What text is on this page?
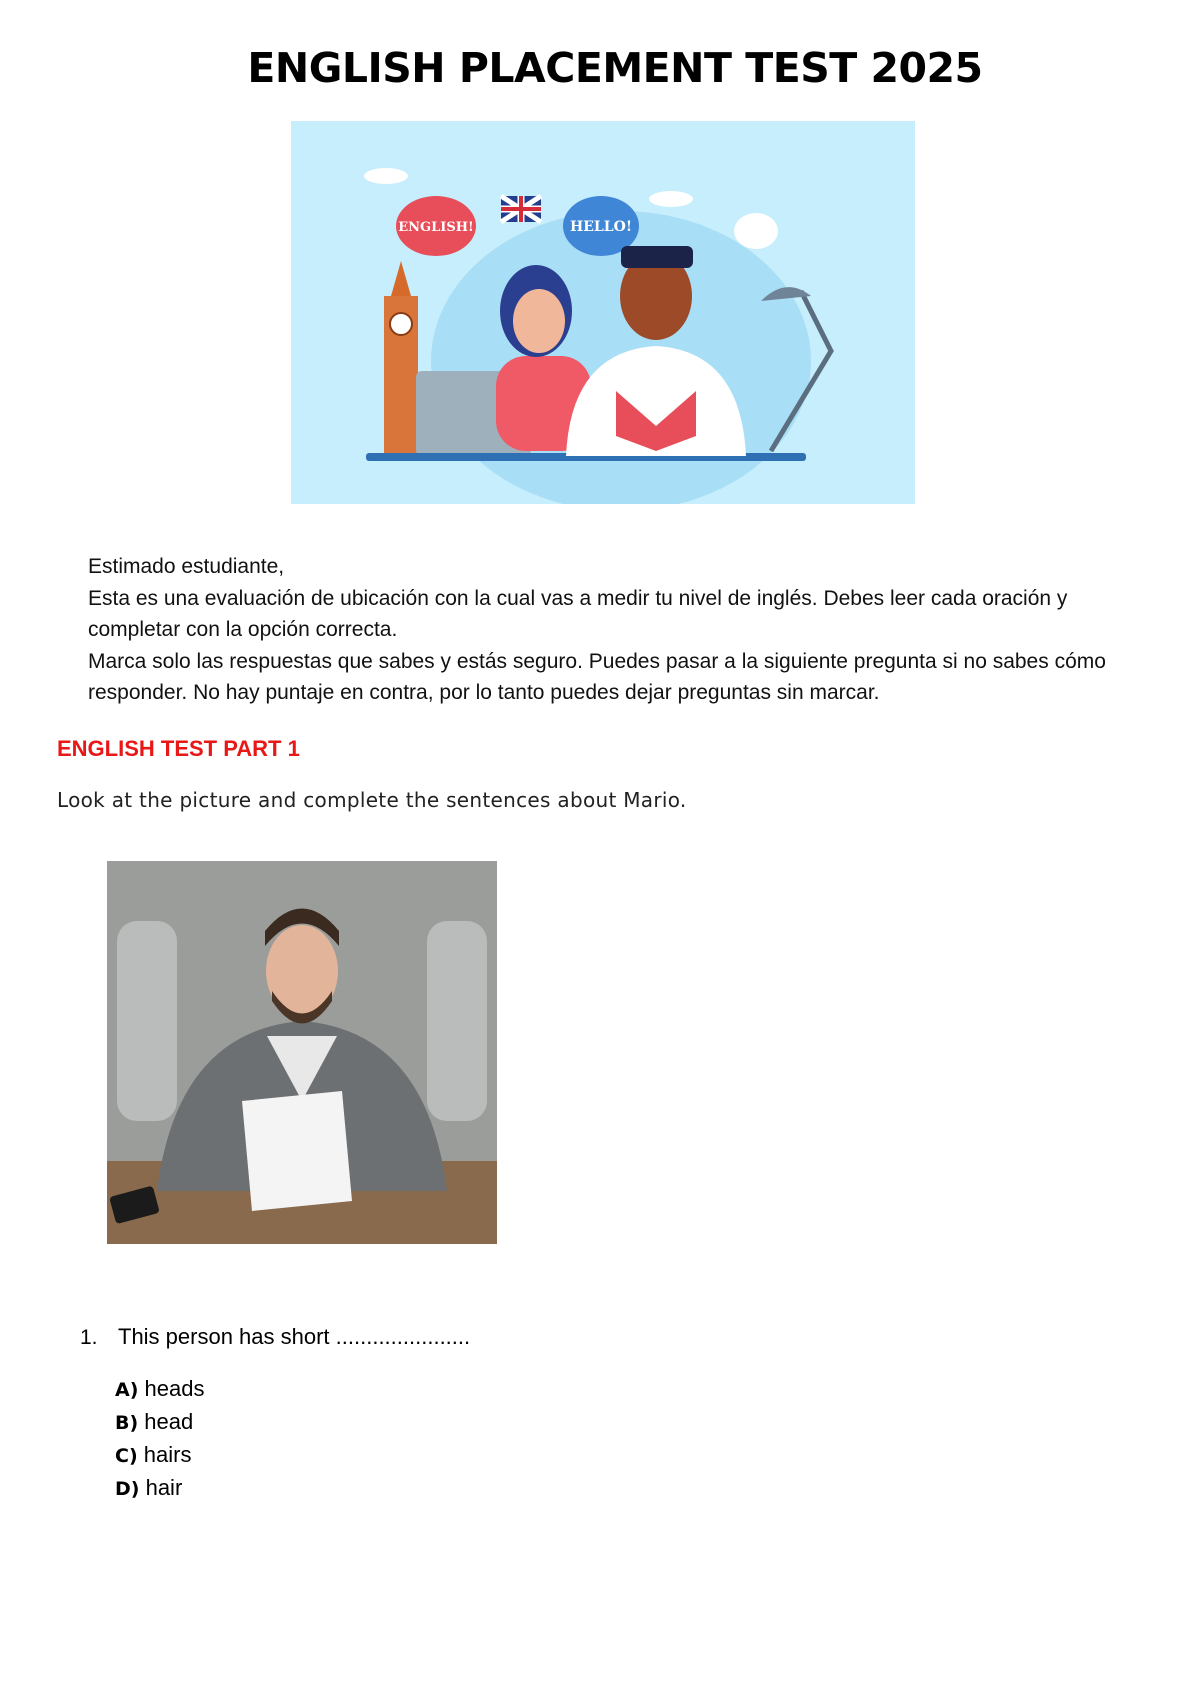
ENGLISH PLACEMENT TEST 2025
ENGLISH!	HELLO!

Estimado estudiante,

Esta es una evaluación de ubicación con la cual vas a medir tu nivel de inglés. Debes leer cada oración y completar con la opción correcta.

Marca solo las respuestas que sabes y estás seguro. Puedes pasar a la siguiente pregunta si no sabes cómo responder. No hay puntaje en contra, por lo tanto puedes dejar preguntas sin marcar.

ENGLISH TEST PART 1
Look at the picture and complete the sentences about Mario.
1. This person has short ......................
A) heads
B) head
C) hairs
D) hair
